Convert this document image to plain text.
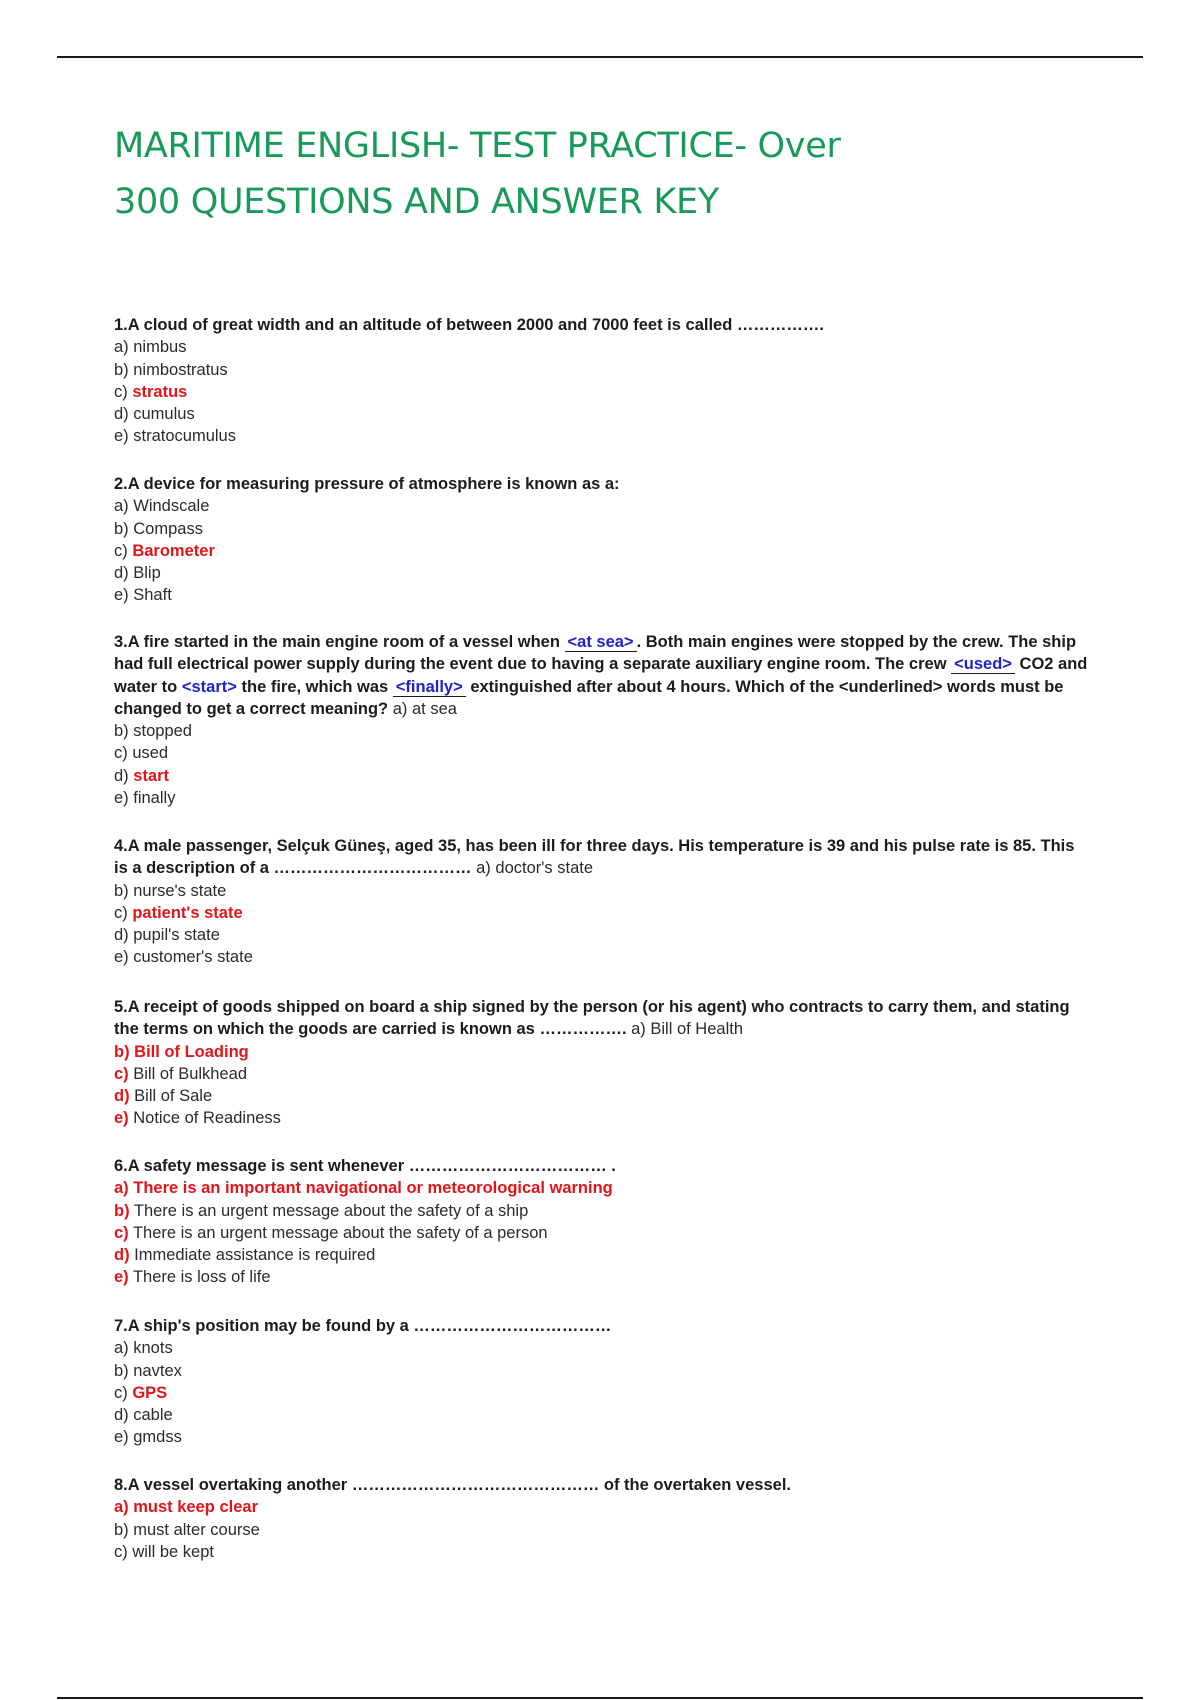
MARITIME ENGLISH- TEST PRACTICE- Over
300 QUESTIONS AND ANSWER KEY
1.A cloud of great width and an altitude of between 2000 and 7000 feet is called …………….
a) nimbus
b) nimbostratus
c) stratus
d) cumulus
e) stratocumulus
2.A device for measuring pressure of atmosphere is known as a:
a) Windscale
b) Compass
c) Barometer
d) Blip
e) Shaft
3.A fire started in the main engine room of a vessel when <at sea> . Both main engines were stopped by the crew. The ship had full electrical power supply during the event due to having a separate auxiliary engine room. The crew <used> CO2 and water to <start> the fire, which was <finally> extinguished after about 4 hours. Which of the <underlined> words must be changed to get a correct meaning? a) at sea
b) stopped
c) used
d) start
e) finally
4.A male passenger, Selçuk Güneş, aged 35, has been ill for three days. His temperature is 39 and his pulse rate is 85. This is a description of a ……………………………… a) doctor's state
b) nurse's state
c) patient's state
d) pupil's state
e) customer's state
5.A receipt of goods shipped on board a ship signed by the person (or his agent) who contracts to carry them, and stating the terms on which the goods are carried is known as ……………. a) Bill of Health
b) Bill of Loading
c) Bill of Bulkhead
d) Bill of Sale
e) Notice of Readiness
6.A safety message is sent whenever ……………………………… .
a) There is an important navigational or meteorological warning
b) There is an urgent message about the safety of a ship
c) There is an urgent message about the safety of a person
d) Immediate assistance is required
e) There is loss of life
7.A ship's position may be found by a ………………………………
a) knots
b) navtex
c) GPS
d) cable
e) gmdss
8.A vessel overtaking another ……………………………………… of the overtaken vessel.
a) must keep clear
b) must alter course
c) will be kept
